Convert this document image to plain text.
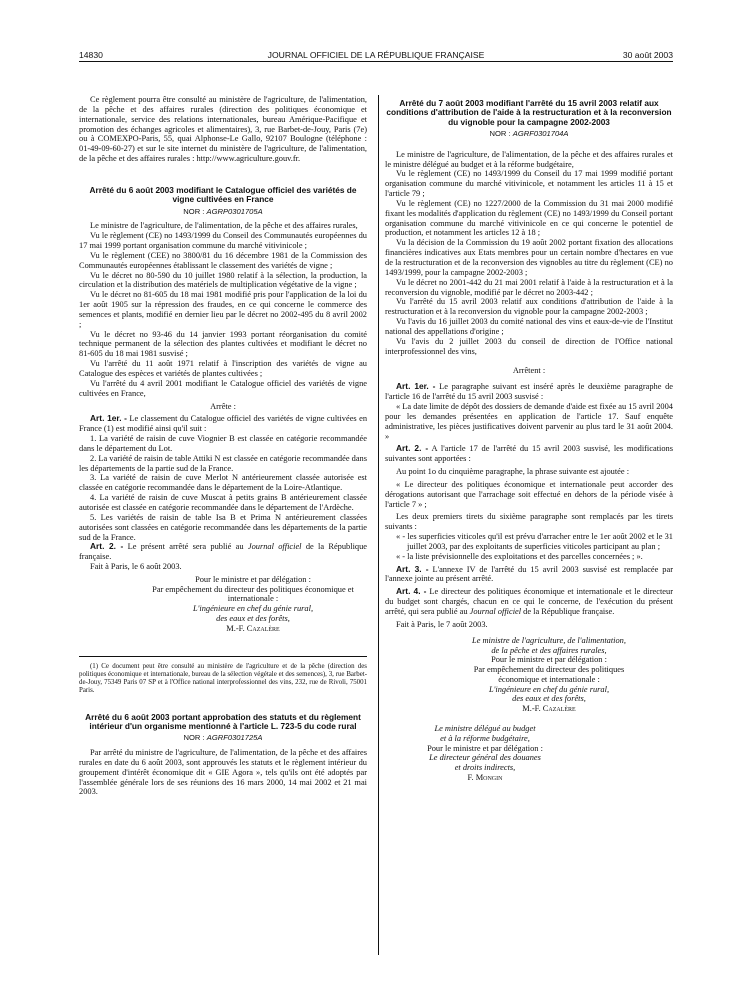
14830	JOURNAL OFFICIEL DE LA RÉPUBLIQUE FRANÇAISE	30 août 2003

Ce règlement pourra être consulté au ministère de l'agriculture, de l'alimentation, de la pêche et des affaires rurales (direction des politiques économique et internationale, service des relations internationales, bureau Amérique-Pacifique et promotion des échanges agricoles et alimentaires), 3, rue Barbet-de-Jouy, Paris (7e) ou à COMEXPO-Paris, 55, quai Alphonse-Le Gallo, 92107 Boulogne (téléphone : 01-49-09-60-27) et sur le site internet du ministère de l'agriculture, de l'alimentation, de la pêche et des affaires rurales : http://www.agriculture.gouv.fr.

Arrêté du 6 août 2003 modifiant le Catalogue officiel des variétés de vigne cultivées en France

NOR : AGRP0301705A

Le ministre de l'agriculture, de l'alimentation, de la pêche et des affaires rurales,

Vu le règlement (CE) no 1493/1999 du Conseil des Communautés européennes du 17 mai 1999 portant organisation commune du marché vitivinicole ;

Vu le règlement (CEE) no 3800/81 du 16 décembre 1981 de la Commission des Communautés européennes établissant le classement des variétés de vigne ;

Vu le décret no 80-590 du 10 juillet 1980 relatif à la sélection, la production, la circulation et la distribution des matériels de multiplication végétative de la vigne ;

Vu le décret no 81-605 du 18 mai 1981 modifié pris pour l'application de la loi du 1er août 1905 sur la répression des fraudes, en ce qui concerne le commerce des semences et plants, modifié en dernier lieu par le décret no 2002-495 du 8 avril 2002 ;

Vu le décret no 93-46 du 14 janvier 1993 portant réorganisation du comité technique permanent de la sélection des plantes cultivées et modifiant le décret no 81-605 du 18 mai 1981 susvisé ;

Vu l'arrêté du 11 août 1971 relatif à l'inscription des variétés de vigne au Catalogue des espèces et variétés de plantes cultivées ;

Vu l'arrêté du 4 avril 2001 modifiant le Catalogue officiel des variétés de vigne cultivées en France,

Arrête :

Art. 1er. - Le classement du Catalogue officiel des variétés de vigne cultivées en France (1) est modifié ainsi qu'il suit :

1. La variété de raisin de cuve Viognier B est classée en catégorie recommandée dans le département du Lot.

2. La variété de raisin de table Attiki N est classée en catégorie recommandée dans les départements de la partie sud de la France.

3. La variété de raisin de cuve Merlot N antérieurement classée autorisée est classée en catégorie recommandée dans le département de la Loire-Atlantique.

4. La variété de raisin de cuve Muscat à petits grains B antérieurement classée autorisée est classée en catégorie recommandée dans le département de l'Ardèche.

5. Les variétés de raisin de table Isa B et Prima N antérieurement classées autorisées sont classées en catégorie recommandée dans les départements de la partie sud de la France.

Art. 2. - Le présent arrêté sera publié au Journal officiel de la République française.

Fait à Paris, le 6 août 2003.

Pour le ministre et par délégation :

Par empêchement du directeur des politiques économique et internationale :

L'ingénieure en chef du génie rural,

des eaux et des forêts,

M.-F. Cazalère

(1) Ce document peut être consulté au ministère de l'agriculture et de la pêche (direction des politiques économique et internationale, bureau de la sélection végétale et des semences), 3, rue Barbet-de-Jouy, 75349 Paris 07 SP et à l'Office national interprofessionnel des vins, 232, rue de Rivoli, 75001 Paris.

Arrêté du 6 août 2003 portant approbation des statuts et du règlement intérieur d'un organisme mentionné à l'article L. 723-5 du code rural

NOR : AGRF0301725A

Par arrêté du ministre de l'agriculture, de l'alimentation, de la pêche et des affaires rurales en date du 6 août 2003, sont approuvés les statuts et le règlement intérieur du groupement d'intérêt économique dit « GIE Agora », tels qu'ils ont été adoptés par l'assemblée générale lors de ses réunions des 16 mars 2000, 14 mai 2002 et 21 mai 2003.

Arrêté du 7 août 2003 modifiant l'arrêté du 15 avril 2003 relatif aux conditions d'attribution de l'aide à la restructuration et à la reconversion du vignoble pour la campagne 2002-2003

NOR : AGRF0301704A

Le ministre de l'agriculture, de l'alimentation, de la pêche et des affaires rurales et le ministre délégué au budget et à la réforme budgétaire,

Vu le règlement (CE) no 1493/1999 du Conseil du 17 mai 1999 modifié portant organisation commune du marché vitivinicole, et notamment les articles 11 à 15 et l'article 79 ;

Vu le règlement (CE) no 1227/2000 de la Commission du 31 mai 2000 modifié fixant les modalités d'application du règlement (CE) no 1493/1999 du Conseil portant organisation commune du marché vitivinicole en ce qui concerne le potentiel de production, et notamment les articles 12 à 18 ;

Vu la décision de la Commission du 19 août 2002 portant fixation des allocations financières indicatives aux Etats membres pour un certain nombre d'hectares en vue de la restructuration et de la reconversion des vignobles au titre du règlement (CE) no 1493/1999, pour la campagne 2002-2003 ;

Vu le décret no 2001-442 du 21 mai 2001 relatif à l'aide à la restructuration et à la reconversion du vignoble, modifié par le décret no 2003-442 ;

Vu l'arrêté du 15 avril 2003 relatif aux conditions d'attribution de l'aide à la restructuration et à la reconversion du vignoble pour la campagne 2002-2003 ;

Vu l'avis du 16 juillet 2003 du comité national des vins et eaux-de-vie de l'Institut national des appellations d'origine ;

Vu l'avis du 2 juillet 2003 du conseil de direction de l'Office national interprofessionnel des vins,

Arrêtent :

Art. 1er. - Le paragraphe suivant est inséré après le deuxième paragraphe de l'article 16 de l'arrêté du 15 avril 2003 susvisé :

« La date limite de dépôt des dossiers de demande d'aide est fixée au 15 avril 2004 pour les demandes présentées en application de l'article 17. Sauf enquête administrative, les pièces justificatives doivent parvenir au plus tard le 31 août 2004. »

Art. 2. - A l'article 17 de l'arrêté du 15 avril 2003 susvisé, les modifications suivantes sont apportées :

Au point 1o du cinquième paragraphe, la phrase suivante est ajoutée :

« Le directeur des politiques économique et internationale peut accorder des dérogations autorisant que l'arrachage soit effectué en dehors de la période visée à l'article 7 » ;

Les deux premiers tirets du sixième paragraphe sont remplacés par les tirets suivants :

« - les superficies viticoles qu'il est prévu d'arracher entre le 1er août 2002 et le 31 juillet 2003, par des exploitants de superficies viticoles participant au plan ;

« - la liste prévisionnelle des exploitations et des parcelles concernées ; ».

Art. 3. - L'annexe IV de l'arrêté du 15 avril 2003 susvisé est remplacée par l'annexe jointe au présent arrêté.

Art. 4. - Le directeur des politiques économique et internationale et le directeur du budget sont chargés, chacun en ce qui le concerne, de l'exécution du présent arrêté, qui sera publié au Journal officiel de la République française.

Fait à Paris, le 7 août 2003.

Le ministre de l'agriculture, de l'alimentation,

de la pêche et des affaires rurales,

Pour le ministre et par délégation :

Par empêchement du directeur des politiques

économique et internationale :

L'ingénieure en chef du génie rural,

des eaux et des forêts,

M.-F. Cazalère

Le ministre délégué au budget

et à la réforme budgétaire,

Pour le ministre et par délégation :

Le directeur général des douanes

et droits indirects,

F. Mongin
